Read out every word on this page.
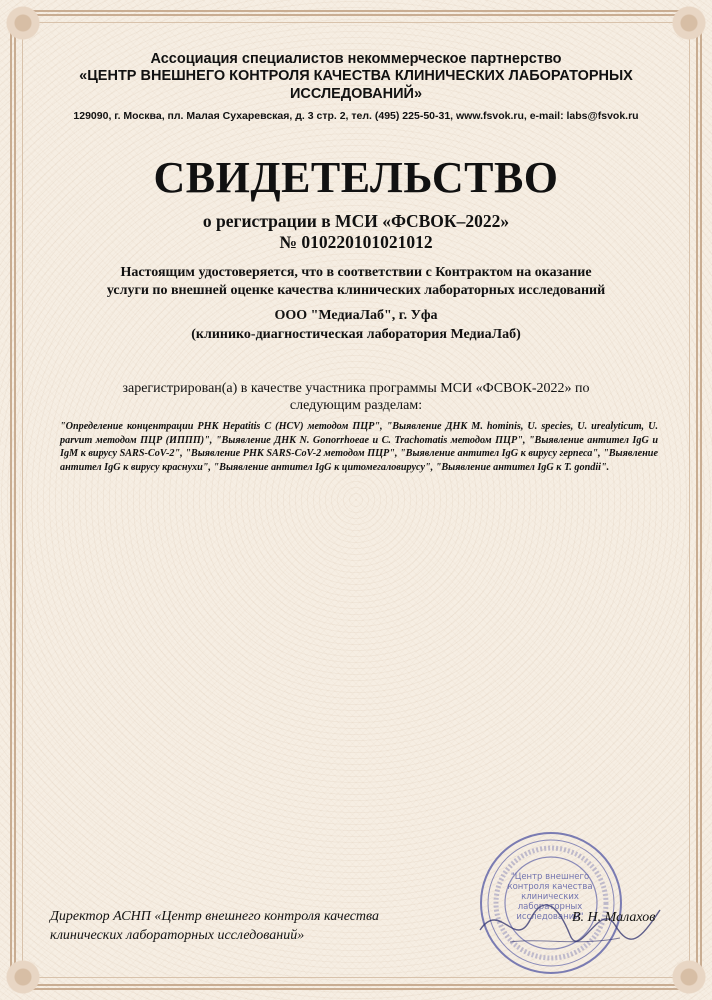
Ассоциация специалистов некоммерческое партнерство
«ЦЕНТР ВНЕШНЕГО КОНТРОЛЯ КАЧЕСТВА КЛИНИЧЕСКИХ ЛАБОРАТОРНЫХ
ИССЛЕДОВАНИЙ»
129090, г. Москва, пл. Малая Сухаревская, д. 3 стр. 2, тел. (495) 225-50-31, www.fsvok.ru, e-mail: labs@fsvok.ru
СВИДЕТЕЛЬСТВО
о регистрации в МСИ «ФСВОК–2022»
№ 010220101021012
Настоящим удостоверяется, что в соответствии с Контрактом на оказание
услуги по внешней оценке качества клинических лабораторных исследований
ООО "МедиаЛаб", г. Уфа
(клинико-диагностическая лаборатория МедиаЛаб)
зарегистрирован(а) в качестве участника программы МСИ «ФСВОК-2022» по
следующим разделам:
"Определение концентрации РНК Hepatitis C (HCV) методом ПЦР", "Выявление ДНК M. hominis, U. species, U. urealyticum, U. parvum методом ПЦР (ИППП)", "Выявление ДНК N. Gonorrhoeae и C. Trachomatis методом ПЦР", "Выявление антител IgG и IgM к вирусу SARS-CoV-2", "Выявление РНК SARS-CoV-2 методом ПЦР", "Выявление антител IgG к вирусу герпеса", "Выявление антител IgG к вирусу краснухи", "Выявление антител IgG к цитомегаловирусу", "Выявление антител IgG к T. gondii".
Директор АСНП «Центр внешнего контроля качества
клинических лабораторных исследований»
"Центр внешнего
контроля качества
клинических
лабораторных
исследований"
В. Н. Малахов
